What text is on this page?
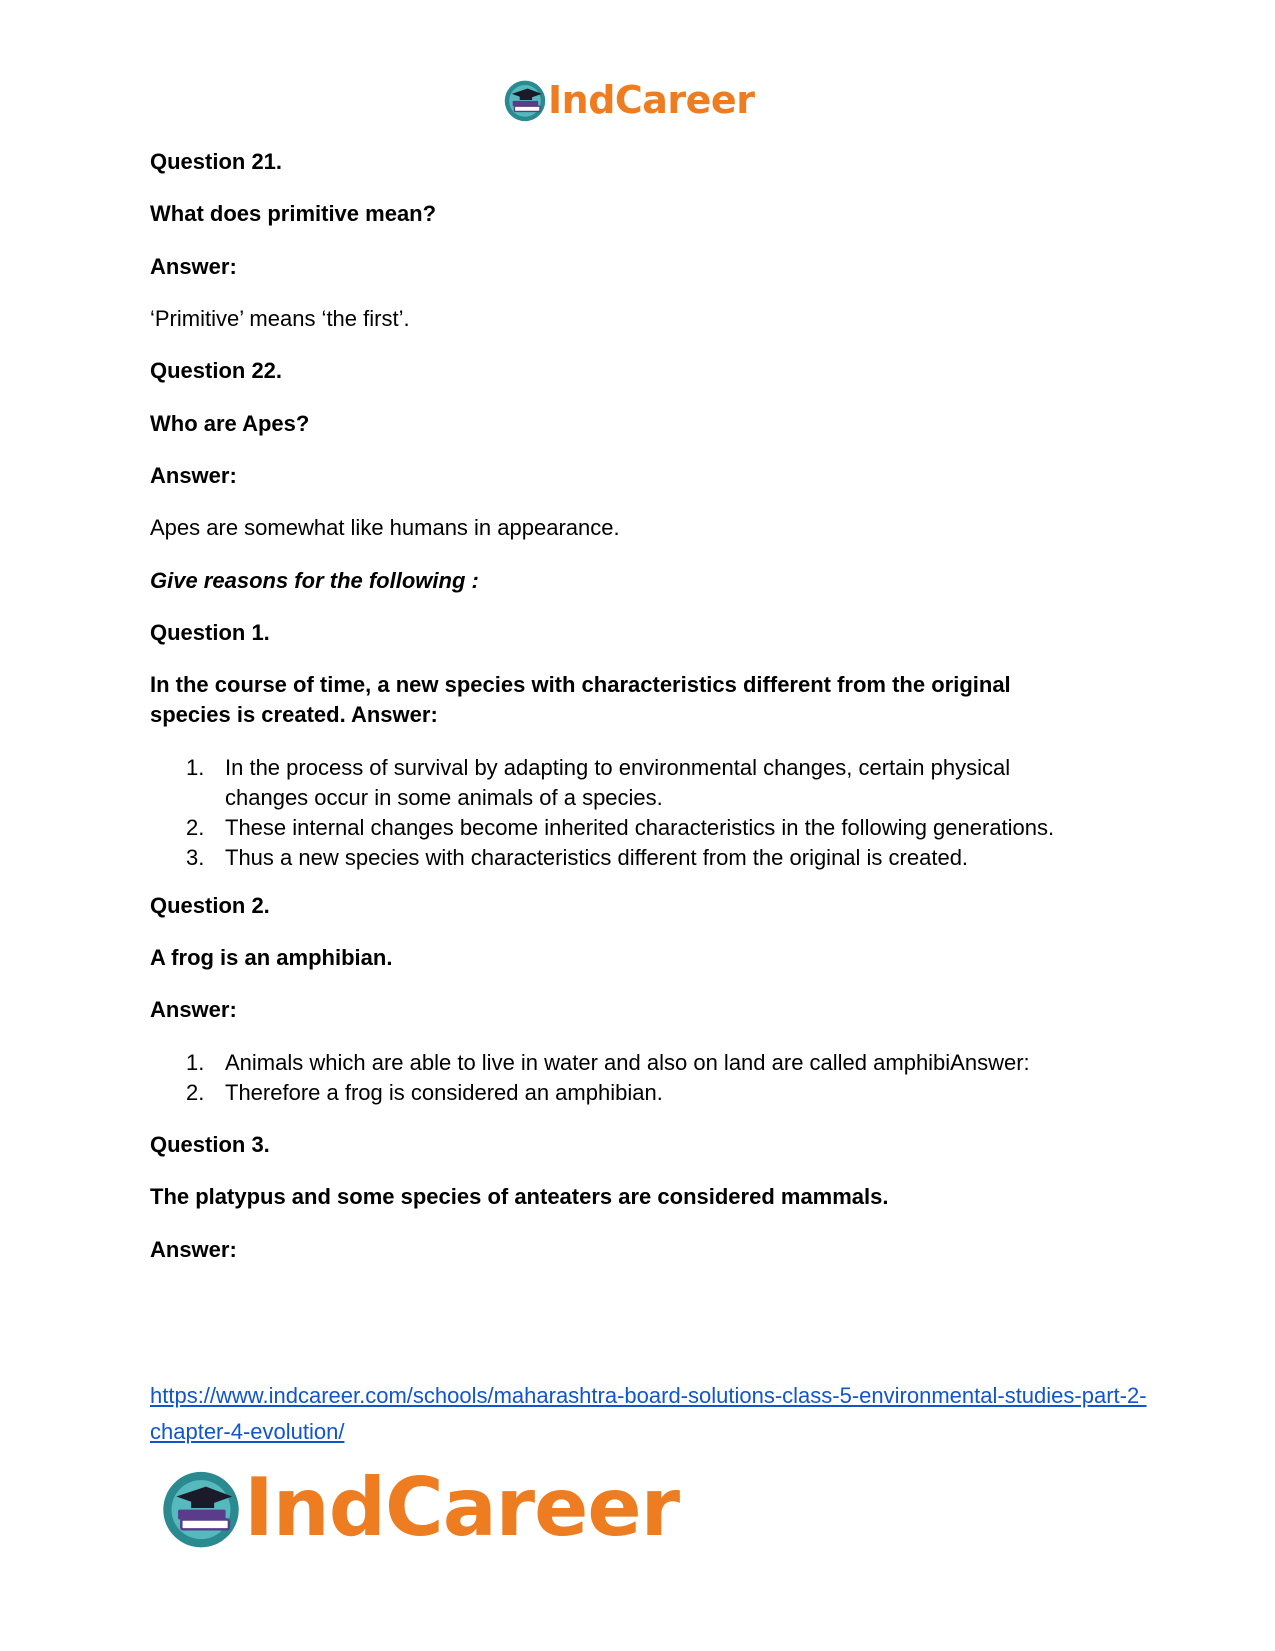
IndCareer

Question 21.

What does primitive mean?

Answer:

‘Primitive’ means ‘the first’.

Question 22.

Who are Apes?

Answer:

Apes are somewhat like humans in appearance.

Give reasons for the following :

Question 1.

In the course of time, a new species with characteristics different from the original species is created. Answer:

1. In the process of survival by adapting to environmental changes, certain physical changes occur in some animals of a species.
2. These internal changes become inherited characteristics in the following generations.
3. Thus a new species with characteristics different from the original is created.

Question 2.

A frog is an amphibian.

Answer:

1. Animals which are able to live in water and also on land are called amphibiAnswer:
2. Therefore a frog is considered an amphibian.

Question 3.

The platypus and some species of anteaters are considered mammals.

Answer:

https://www.indcareer.com/schools/maharashtra-board-solutions-class-5-environmental-studies-part-2-chapter-4-evolution/
IndCareer
